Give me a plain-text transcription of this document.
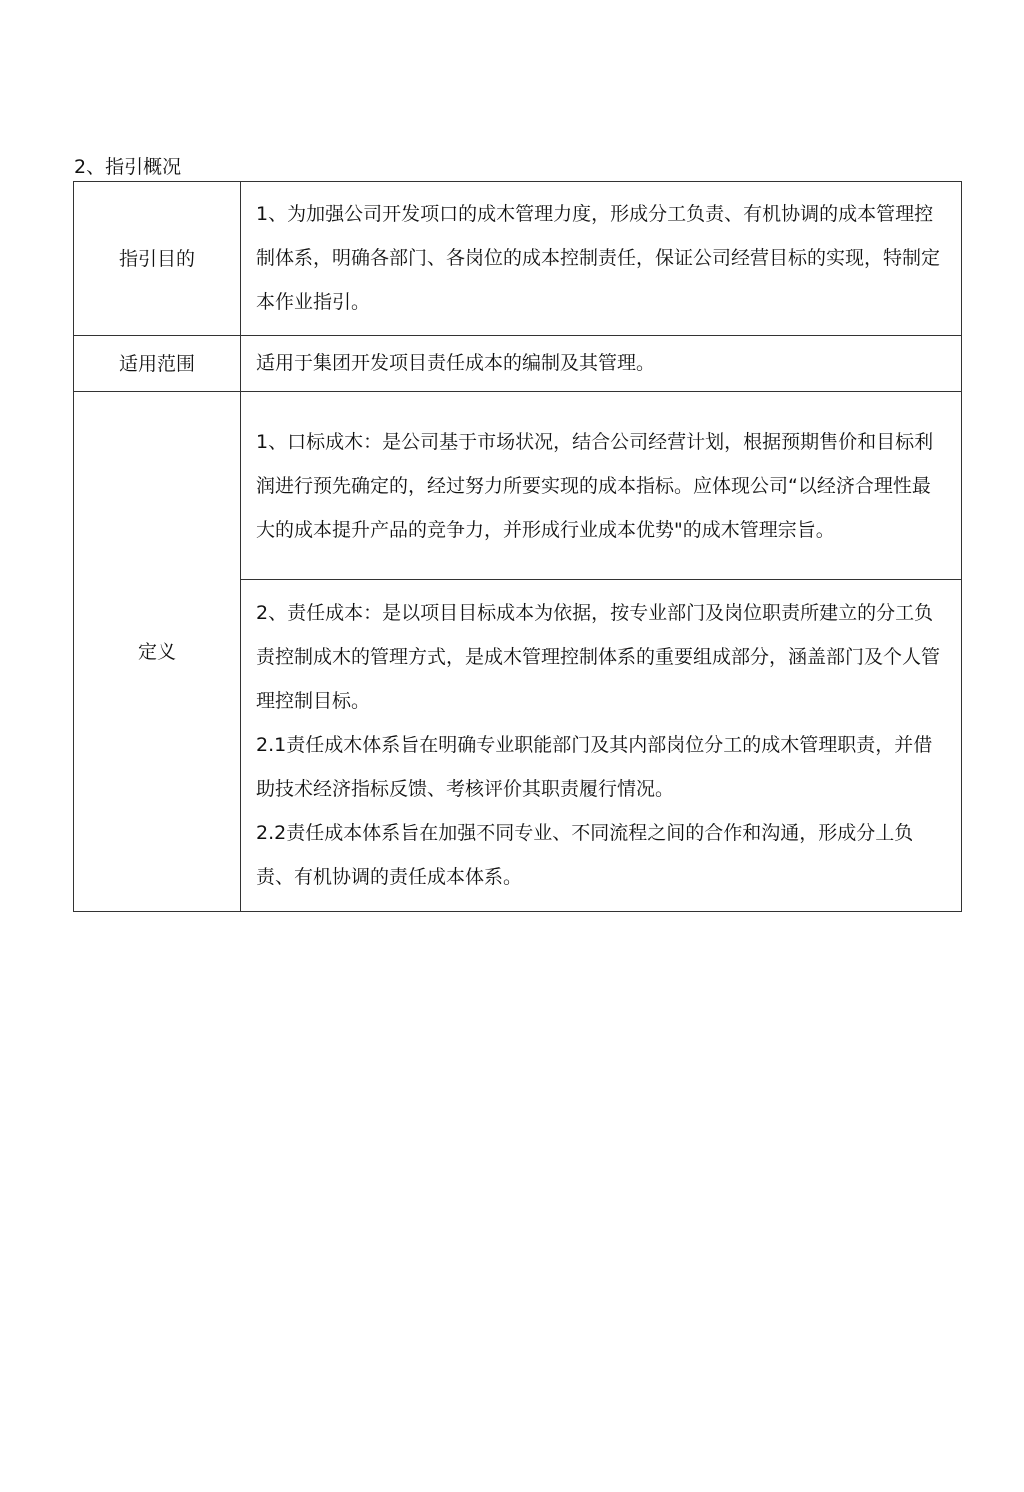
2、指引概况
指引目的	1、为加强公司开发项口的成木管理力度，形成分工负责、有机协调的成本管理控制体系，明确各部门、各岗位的成本控制责任，保证公司经营目标的实现，特制定本作业指引。

适用范围	适用于集团开发项目责任成本的编制及其管理。

定义	1、口标成木：是公司基于市场状况，结合公司经营计划，根据预期售价和目标利润进行预先确定的，经过努力所要实现的成本指标。应体现公司“以经济合理性最大的成本提升产品的竞争力，并形成行业成本优势"的成木管理宗旨。

	2、责任成本：是以项目目标成本为依据，按专业部门及岗位职责所建立的分工负责控制成木的管理方式，是成木管理控制体系的重要组成部分，涵盖部门及个人管理控制目标。

2.1责任成木体系旨在明确专业职能部门及其内部岗位分工的成木管理职责，并借助技术经济指标反馈、考核评价其职责履行情况。

2.2责任成本体系旨在加强不同专业、不同流程之间的合作和沟通，形成分丄负责、有机协调的责任成本体系。
